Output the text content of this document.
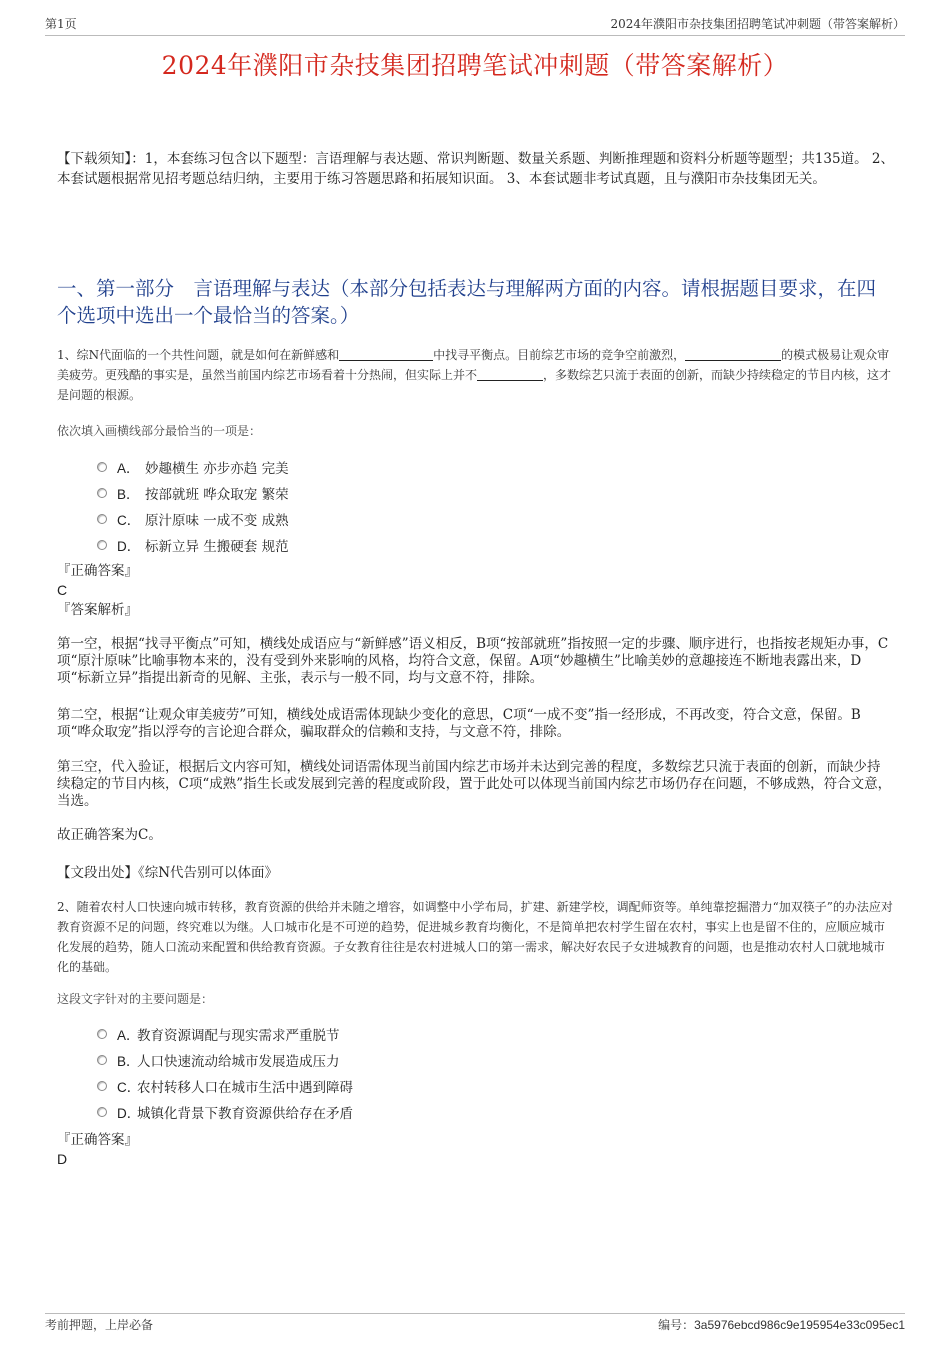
第1页	2024年濮阳市杂技集团招聘笔试冲刺题（带答案解析）
2024年濮阳市杂技集团招聘笔试冲刺题（带答案解析）
【下载须知】：1，本套练习包含以下题型：言语理解与表达题、常识判断题、数量关系题、判断推理题和资料分析题等题型；共135道。 2、本套试题根据常见招考题总结归纳，主要用于练习答题思路和拓展知识面。 3、本套试题非考试真题，且与濮阳市杂技集团无关。
一、第一部分　言语理解与表达（本部分包括表达与理解两方面的内容。请根据题目要求，在四个选项中选出一个最恰当的答案。）
1、综N代面临的一个共性问题，就是如何在新鲜感和	中找寻平衡点。目前综艺市场的竞争空前激烈，	的模式极易让观众审美疲劳。更残酷的事实是，虽然当前国内综艺市场看着十分热闹，但实际上并不	，多数综艺只流于表面的创新，而缺少持续稳定的节目内核，这才是问题的根源。
依次填入画横线部分最恰当的一项是：
A． 妙趣横生 亦步亦趋 完美
B． 按部就班 哗众取宠 繁荣
C． 原汁原味 一成不变 成熟
D． 标新立异 生搬硬套 规范
『正确答案』
C
『答案解析』
第一空，根据“找寻平衡点”可知，横线处成语应与“新鲜感”语义相反，B项“按部就班”指按照一定的步骤、顺序进行，也指按老规矩办事，C项“原汁原味”比喻事物本来的，没有受到外来影响的风格，均符合文意，保留。A项“妙趣横生”比喻美妙的意趣接连不断地表露出来，D项“标新立异”指提出新奇的见解、主张，表示与一般不同，均与文意不符，排除。
第二空，根据“让观众审美疲劳”可知，横线处成语需体现缺少变化的意思，C项“一成不变”指一经形成，不再改变，符合文意，保留。B项“哗众取宠”指以浮夸的言论迎合群众，骗取群众的信赖和支持，与文意不符，排除。
第三空，代入验证，根据后文内容可知，横线处词语需体现当前国内综艺市场并未达到完善的程度，多数综艺只流于表面的创新，而缺少持续稳定的节目内核，C项“成熟”指生长或发展到完善的程度或阶段，置于此处可以体现当前国内综艺市场仍存在问题，不够成熟，符合文意，当选。
故正确答案为C。
【文段出处】《综N代告别可以体面》
2、随着农村人口快速向城市转移，教育资源的供给并未随之增容，如调整中小学布局，扩建、新建学校，调配师资等。单纯靠挖掘潜力“加双筷子”的办法应对教育资源不足的问题，终究难以为继。人口城市化是不可逆的趋势，促进城乡教育均衡化，不是简单把农村学生留在农村，事实上也是留不住的，应顺应城市化发展的趋势，随人口流动来配置和供给教育资源。子女教育往往是农村进城人口的第一需求，解决好农民子女进城教育的问题，也是推动农村人口就地城市化的基础。
这段文字针对的主要问题是：
A．
教育资源调配与现实需求严重脱节
B．
人口快速流动给城市发展造成压力
C．
农村转移人口在城市生活中遇到障碍
D．
城镇化背景下教育资源供给存在矛盾
『正确答案』
D
考前押题，上岸必备	编号：3a5976ebcd986c9e195954e33c095ec1
